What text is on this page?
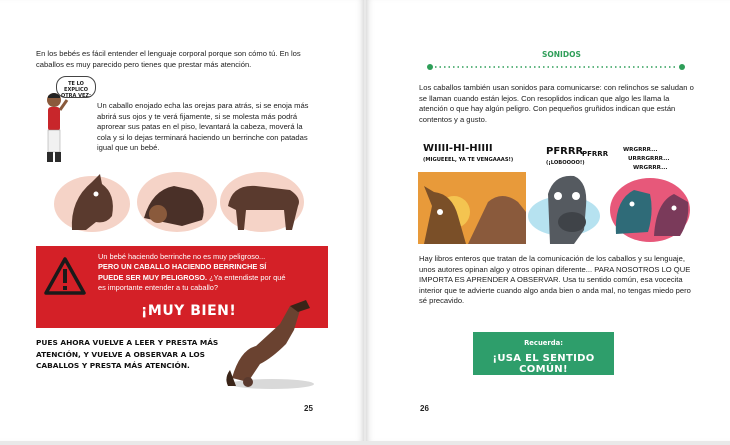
En los bebés es fácil entender el lenguaje corporal porque son cómo tú. En los caballos es muy parecido pero tienes que prestar más atención.
TE LO EXPLICO OTRA VEZ:
Un caballo enojado echa las orejas para atrás, si se enoja más abrirá sus ojos y te verá fijamente, si se molesta más podrá aprorear sus patas en el piso, levantará la cabeza, moverá la cola y si lo dejas terminará haciendo un berrinche con patadas igual que un bebé.
Un bebé haciendo berrinche no es muy peligroso... PERO UN CABALLO HACIENDO BERRINCHE SÍ PUEDE SER MUY PELIGROSO. ¿Ya entendiste por qué es importante entender a tu caballo?
¡MUY BIEN!
PUES AHORA VUELVE A LEER Y PRESTA MÁS ATENCIÓN, Y VUELVE A OBSERVAR A LOS CABALLOS Y PRESTA MÁS ATENCIÓN.
25
SONIDOS
Los caballos también usan sonidos para comunicarse: con relinchos se saludan o se llaman cuando están lejos. Con resoplidos indican que algo les llama la atención o que hay algún peligro. Con pequeños gruñidos indican que están contentos y a gusto.
WIIII-HI-HIIII
(MIGUEEEL, YA TE VENGAAAS!)
PFRRR
PFRRR
(¡LOBOOOO!)
WRGRRR...
URRRGRRR...
WRGRRR...
Hay libros enteros que tratan de la comunicación de los caballos y su lenguaje, unos autores opinan algo y otros opinan diferente... PARA NOSOTROS LO QUE IMPORTA ES APRENDER A OBSERVAR. Usa tu sentido común, esa vocecita interior que te advierte cuando algo anda bien o anda mal, no tengas miedo pero sé precavido.
Recuerda:
¡USA EL SENTIDO COMÚN!
26
